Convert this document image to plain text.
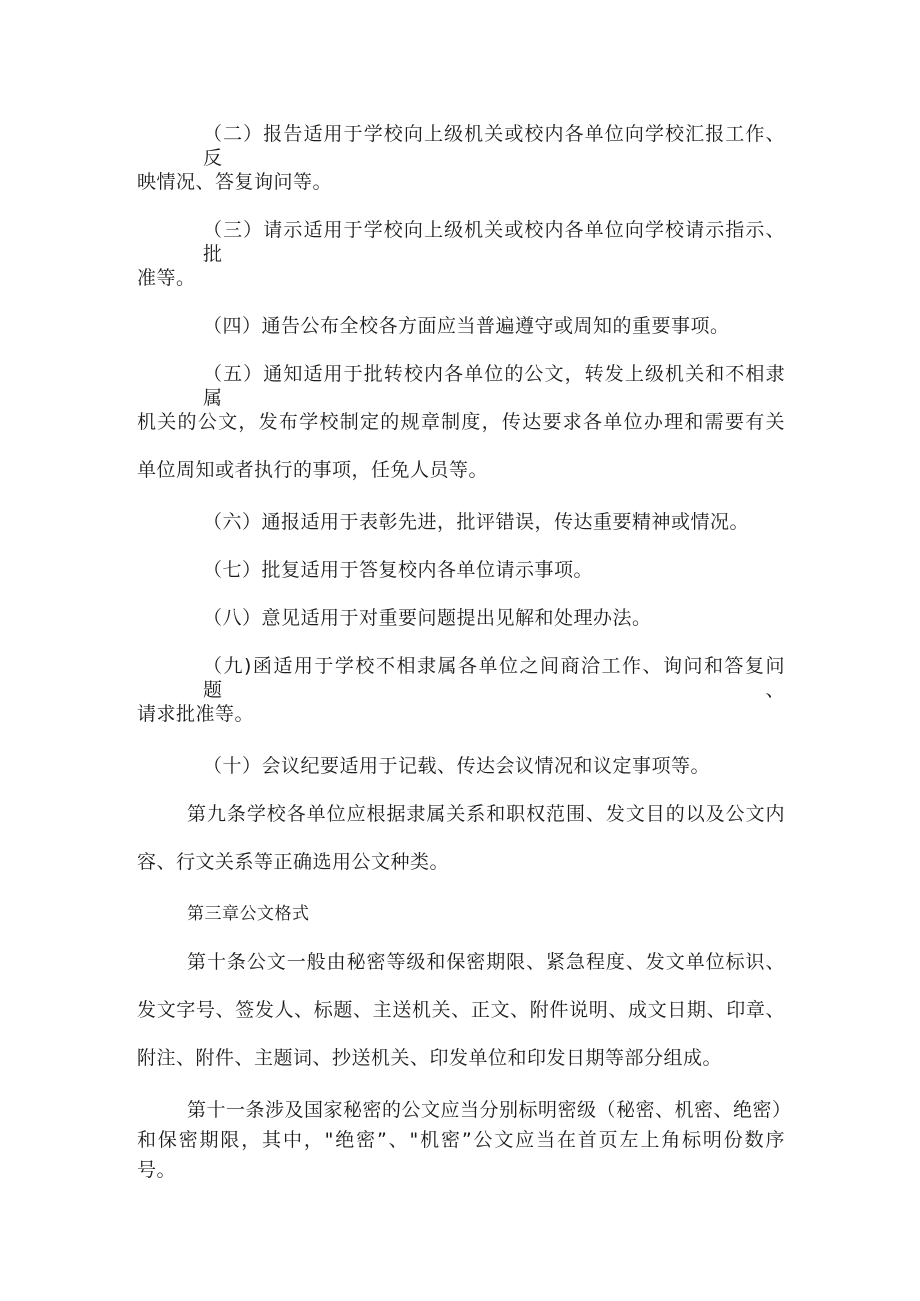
（二）报告适用于学校向上级机关或校内各单位向学校汇报工作、反
映情况、答复询问等。
（三）请示适用于学校向上级机关或校内各单位向学校请示指示、批
准等。
（四）通告公布全校各方面应当普遍遵守或周知的重要事项。
（五）通知适用于批转校内各单位的公文，转发上级机关和不相隶属
机关的公文，发布学校制定的规章制度，传达要求各单位办理和需要有关
单位周知或者执行的事项，任免人员等。
（六）通报适用于表彰先进，批评错误，传达重要精神或情况。
（七）批复适用于答复校内各单位请示事项。
（八）意见适用于对重要问题提出见解和处理办法。
（九)函适用于学校不相隶属各单位之间商洽工作、询问和答复问题、
请求批准等。
（十）会议纪要适用于记载、传达会议情况和议定事项等。
第九条学校各单位应根据隶属关系和职权范围、发文目的以及公文内
容、行文关系等正确选用公文种类。
第三章公文格式
第十条公文一般由秘密等级和保密期限、紧急程度、发文单位标识、
发文字号、签发人、标题、主送机关、正文、附件说明、成文日期、印章、
附注、附件、主题词、抄送机关、印发单位和印发日期等部分组成。
第十一条涉及国家秘密的公文应当分别标明密级（秘密、机密、绝密）
和保密期限，其中，"绝密”、"机密”公文应当在首页左上角标明份数序
号。
